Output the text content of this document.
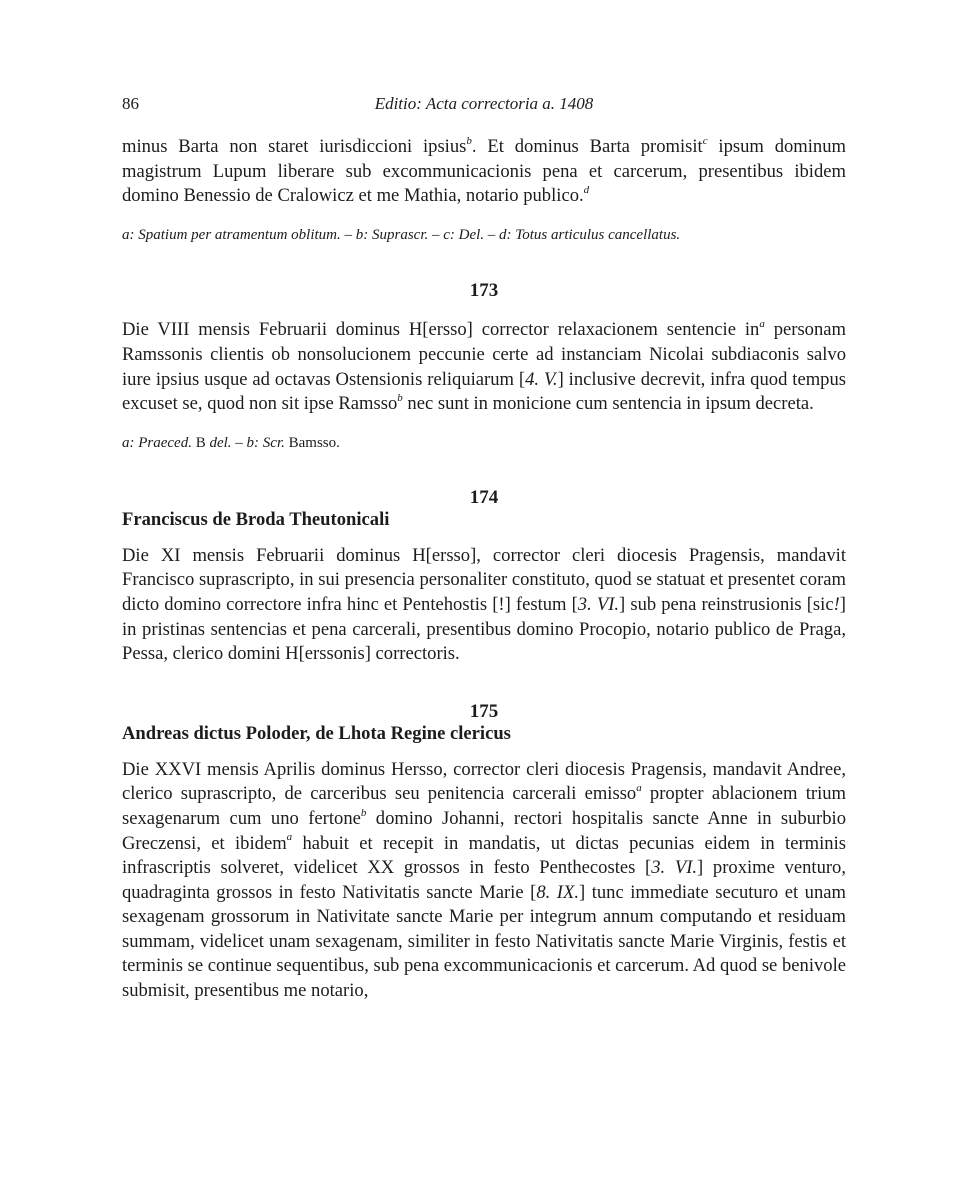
86	Editio: Acta correctoria a. 1408

minus Barta non staret iurisdiccioni ipsius$^b$. Et dominus Barta promisit$^c$ ipsum dominum magistrum Lupum liberare sub excommunicacionis pena et carcerum, presentibus ibidem domino Benessio de Cralowicz et me Mathia, notario publico.$^d$

a: Spatium per atramentum oblitum. – b: Suprascr. – c: Del. – d: Totus articulus cancellatus.

173

Die VIII mensis Februarii dominus H[ersso] corrector relaxacionem sentencie $in^a$ personam Ramssonis clientis ob nonsolucionem peccunie certe ad instanciam Nicolai subdiaconis salvo iure ipsius usque ad octavas Ostensionis reliquiarum [4. V.] inclusive decrevit, infra quod tempus excuset se, quod non sit ipse Ramsso$^b$ nec sunt in monicione cum sentencia in ipsum decreta.

a: Praeced. B del. – b: Scr. Bamsso.

174
Franciscus de Broda Theutonicali

Die XI mensis Februarii dominus H[ersso], corrector cleri diocesis Pragensis, mandavit Francisco suprascripto, in sui presencia personaliter constituto, quod se statuat et presentet coram dicto domino correctore infra hinc et Pentehostis [!] festum [3. VI.] sub pena reinstrusionis [sic!] in pristinas sentencias et pena carcerali, presentibus domino Procopio, notario publico de Praga, Pessa, clerico domini H[erssonis] correctoris.

175
Andreas dictus Poloder, de Lhota Regine clericus

Die XXVI mensis Aprilis dominus Hersso, corrector cleri diocesis Pragensis, mandavit Andree, clerico suprascripto, de carceribus seu penitencia carcerali emisso$^a$ propter ablacionem trium sexagenarum cum uno fertone$^b$ domino Johanni, rectori hospitalis sancte Anne in suburbio Greczensi, et ibidem$^a$ habuit et recepit in mandatis, ut dictas pecunias eidem in terminis infrascriptis solveret, videlicet XX grossos in festo Penthecostes [3. VI.] proxime venturo, quadraginta grossos in festo Nativitatis sancte Marie [8. IX.] tunc immediate secuturo et unam sexagenam grossorum in Nativitate sancte Marie per integrum annum computando et residuam summam, videlicet unam sexagenam, similiter in festo Nativitatis sancte Marie Virginis, festis et terminis se continue sequentibus, sub pena excommunicacionis et carcerum. Ad quod se benivole submisit, presentibus me notario,
